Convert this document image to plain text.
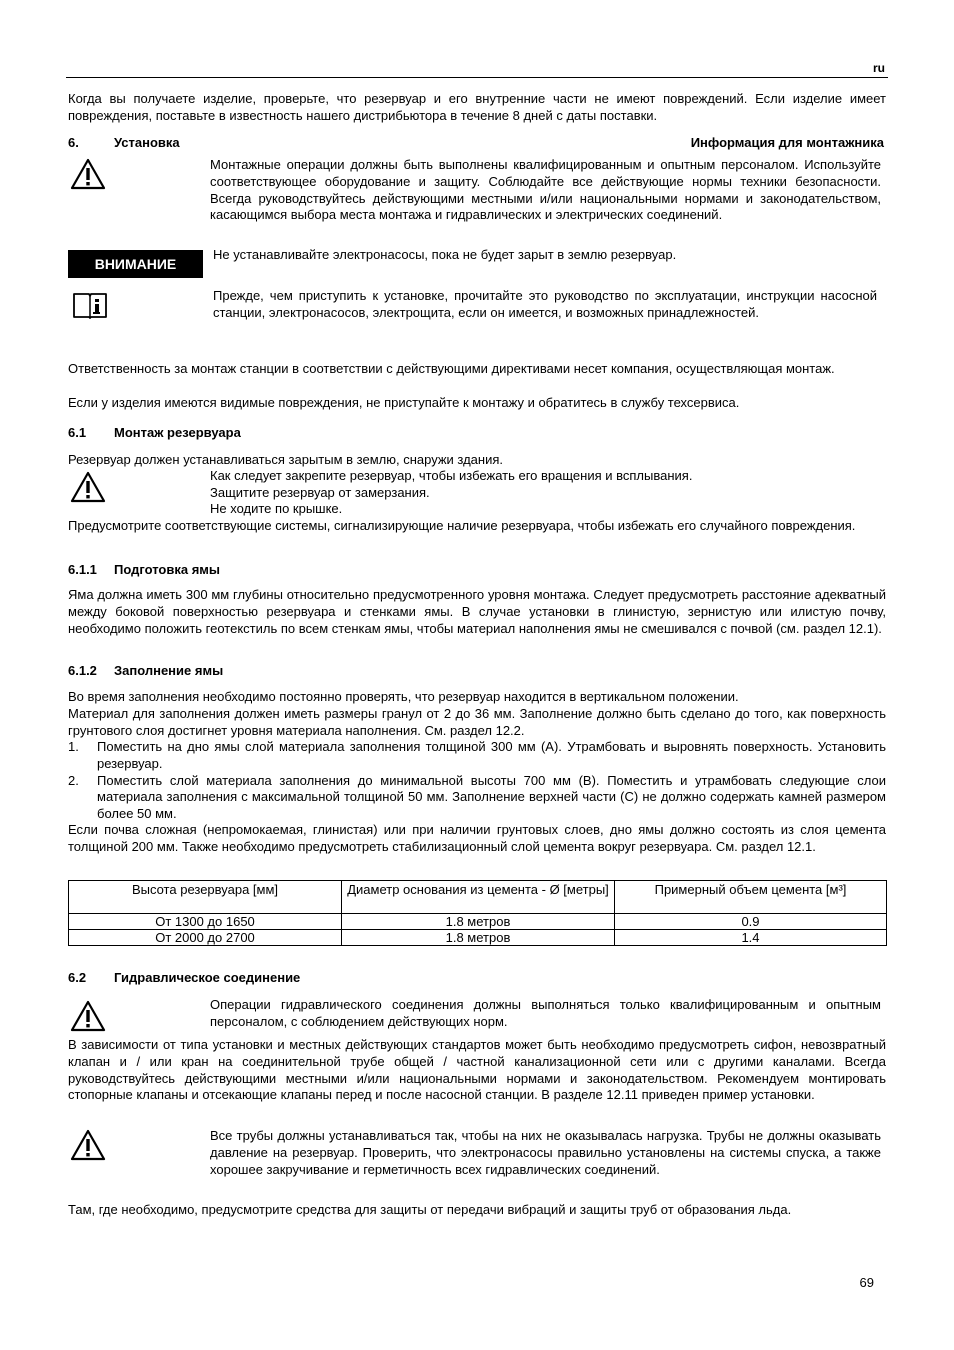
ru
Когда вы получаете изделие, проверьте, что резервуар и его внутренние части не имеют повреждений. Если изделие имеет повреждения, поставьте в известность нашего дистрибьютора в течение 8 дней с даты поставки.
6.	Установка	Информация для монтажника
Монтажные операции должны быть выполнены квалифицированным и опытным персоналом. Используйте соответствующее оборудование и защиту. Соблюдайте все действующие нормы техники безопасности. Всегда руководствуйтесь действующими местными и/или национальными нормами и законодательством, касающимся выбора места монтажа и гидравлических и электрических соединений.
ВНИМАНИЕ
Не устанавливайте электронасосы, пока не будет зарыт в землю резервуар.
Прежде, чем приступить к установке, прочитайте это руководство по эксплуатации, инструкции насосной станции, электронасосов, электрощита, если он имеется, и возможных принадлежностей.
Ответственность за монтаж станции в соответствии с действующими директивами несет компания, осуществляющая монтаж.
Если у изделия имеются видимые повреждения, не приступайте к монтажу и обратитесь в службу техсервиса.
6.1 Монтаж резервуара
Резервуар должен устанавливаться зарытым в землю, снаружи здания.
Как следует закрепите резервуар, чтобы избежать его вращения и всплывания.
Защитите резервуар от замерзания.
Не ходите по крышке.
Предусмотрите соответствующие системы, сигнализирующие наличие резервуара, чтобы избежать его случайного повреждения.
6.1.1 Подготовка ямы
Яма должна иметь 300 мм глубины относительно предусмотренного уровня монтажа. Следует предусмотреть расстояние адекватный между боковой поверхностью резервуара и стенками ямы. В случае установки в глинистую, зернистую или илистую почву, необходимо положить геотекстиль по всем стенкам ямы, чтобы материал наполнения ямы не смешивался с почвой (см. раздел 12.1).
6.1.2 Заполнение ямы
Во время заполнения необходимо постоянно проверять, что резервуар находится в вертикальном положении.
Материал для заполнения должен иметь размеры гранул от 2 до 36 мм. Заполнение должно быть сделано до того, как поверхность грунтового слоя достигнет уровня материала наполнения. См. раздел 12.2.
1. Поместить на дно ямы слой материала заполнения толщиной 300 мм (A). Утрамбовать и выровнять поверхность. Установить резервуар.
2. Поместить слой материала заполнения до минимальной высоты 700 мм (B). Поместить и утрамбовать следующие слои материала заполнения с максимальной толщиной 50 мм. Заполнение верхней части (C) не должно содержать камней размером более 50 мм.
Если почва сложная (непромокаемая, глинистая) или при наличии грунтовых слоев, дно ямы должно состоять из слоя цемента толщиной 200 мм. Также необходимо предусмотреть стабилизационный слой цемента вокруг резервуара. См. раздел 12.1.
Высота резервуара [мм]	Диаметр основания из цемента - Ø [метры]	Примерный объем цемента [м³]
От 1300 до 1650	1.8 метров	0.9
От 2000 до 2700	1.8 метров	1.4
6.2 Гидравлическое соединение
Операции гидравлического соединения должны выполняться только квалифицированным и опытным персоналом, с соблюдением действующих норм.
В зависимости от типа установки и местных действующих стандартов может быть необходимо предусмотреть сифон, невозвратный клапан и / или кран на соединительной трубе общей / частной канализационной сети или с другими каналами. Всегда руководствуйтесь действующими местными и/или национальными нормами и законодательством. Рекомендуем монтировать стопорные клапаны и отсекающие клапаны перед и после насосной станции. В разделе 12.11 приведен пример установки.
Все трубы должны устанавливаться так, чтобы на них не оказывалась нагрузка. Трубы не должны оказывать давление на резервуар. Проверить, что электронасосы правильно установлены на системы спуска, а также хорошее закручивание и герметичность всех гидравлических соединений.
Там, где необходимо, предусмотрите средства для защиты от передачи вибраций и защиты труб от образования льда.
69
